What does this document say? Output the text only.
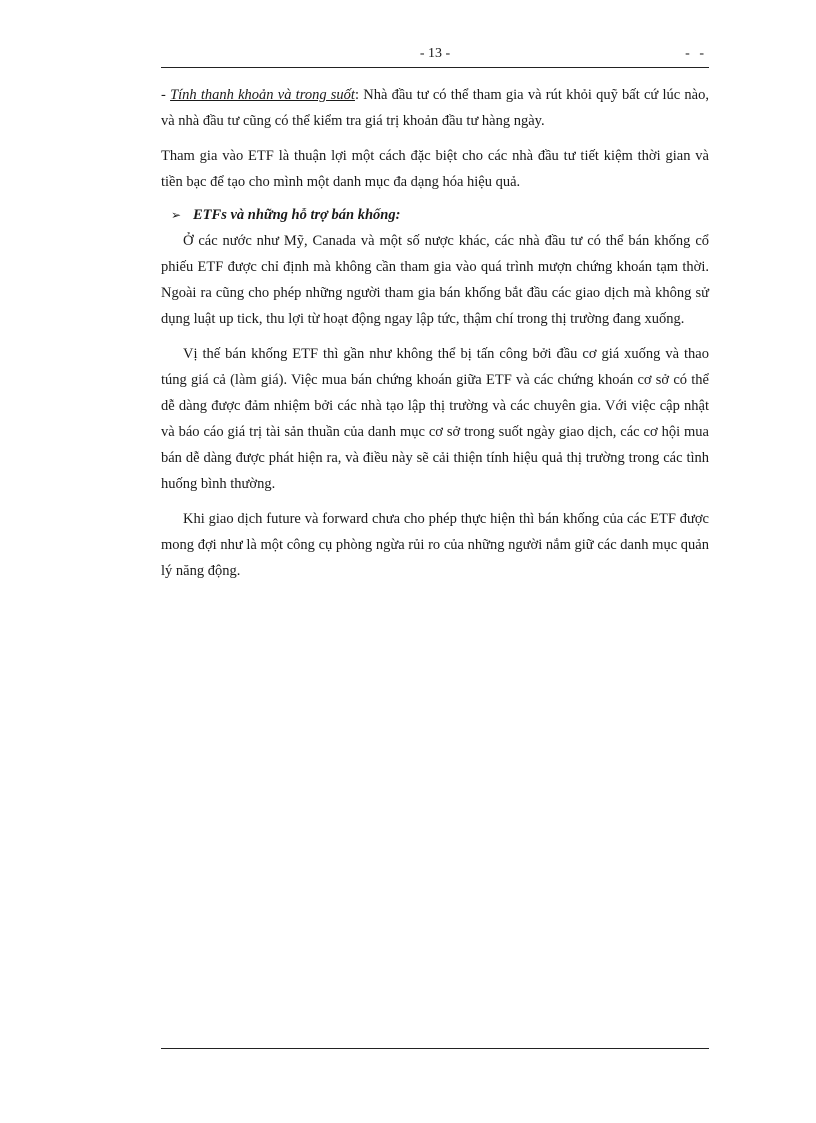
- 13 -	- -

- Tính thanh khoản và trong suốt: Nhà đầu tư có thể tham gia và rút khỏi quỹ bất cứ lúc nào, và nhà đầu tư cũng có thể kiểm tra giá trị khoản đầu tư hàng ngày.

Tham gia vào ETF là thuận lợi một cách đặc biệt cho các nhà đầu tư tiết kiệm thời gian và tiền bạc để tạo cho mình một danh mục đa dạng hóa hiệu quả.

➢ ETFs và những hỗ trợ bán khống:

Ở các nước như Mỹ, Canada và một số nược khác, các nhà đầu tư có thể bán khống cổ phiếu ETF được chỉ định mà không cần tham gia vào quá trình mượn chứng khoán tạm thời. Ngoài ra cũng cho phép những người tham gia bán khống bắt đầu các giao dịch mà không sử dụng luật up tick, thu lợi từ hoạt động ngay lập tức, thậm chí trong thị trường đang xuống.

Vị thế bán khống ETF thì gần như không thể bị tấn công bởi đầu cơ giá xuống và thao túng giá cả (làm giá). Việc mua bán chứng khoán giữa ETF và các chứng khoán cơ sở có thể dễ dàng được đảm nhiệm bởi các nhà tạo lập thị trường và các chuyên gia. Với việc cập nhật và báo cáo giá trị tài sản thuần của danh mục cơ sở trong suốt ngày giao dịch, các cơ hội mua bán dễ dàng được phát hiện ra, và điều này sẽ cải thiện tính hiệu quả thị trường trong các tình huống bình thường.

Khi giao dịch future và forward chưa cho phép thực hiện thì bán khống của các ETF được mong đợi như là một công cụ phòng ngừa rủi ro của những người nắm giữ các danh mục quản lý năng động.
